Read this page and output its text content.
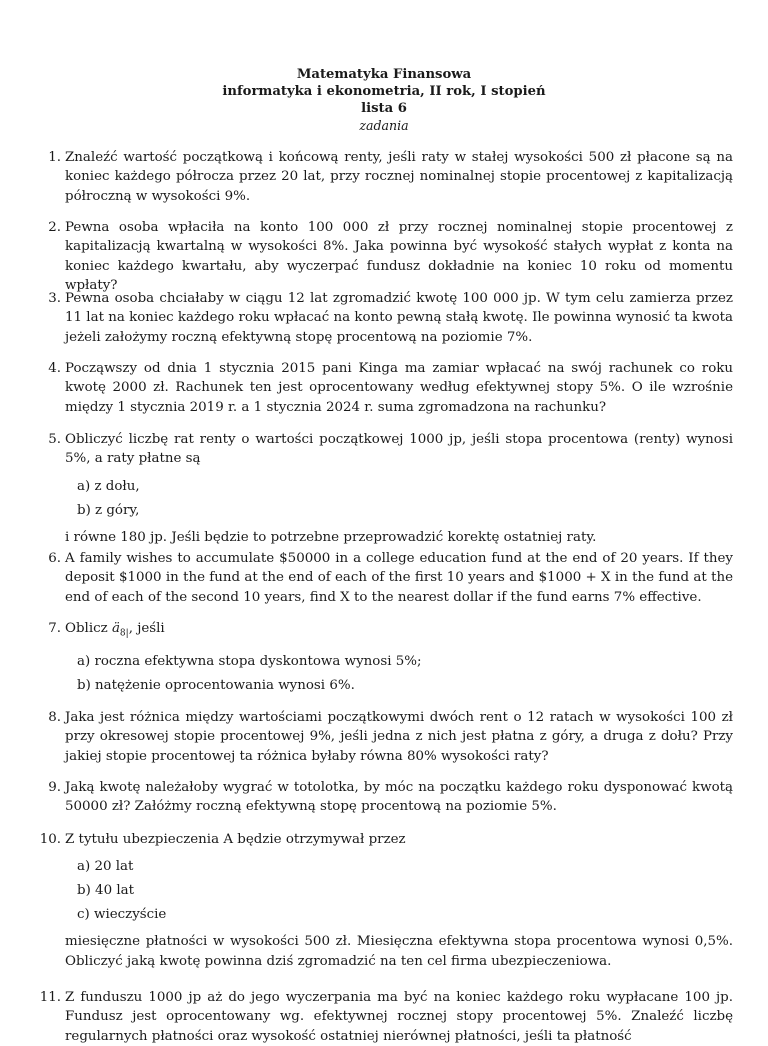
Matematyka Finansowa
informatyka i ekonometria, II rok, I stopień
lista 6
zadania
1. Znaleźć wartość początkową i końcową renty, jeśli raty w stałej wysokości 500 zł płacone są na koniec każdego półrocza przez 20 lat, przy rocznej nominalnej stopie procentowej z kapitalizacją półroczną w wysokości 9%.

2. Pewna osoba wpłaciła na konto 100 000 zł przy rocznej nominalnej stopie procentowej z kapitalizacją kwartalną w wysokości 8%. Jaka powinna być wysokość stałych wypłat z konta na koniec każdego kwartału, aby wyczerpać fundusz dokładnie na koniec 10 roku od momentu wpłaty?

3. Pewna osoba chciałaby w ciągu 12 lat zgromadzić kwotę 100 000 jp. W tym celu zamierza przez 11 lat na koniec każdego roku wpłacać na konto pewną stałą kwotę. Ile powinna wynosić ta kwota jeżeli założymy roczną efektywną stopę procentową na poziomie 7%.

4. Począwszy od dnia 1 stycznia 2015 pani Kinga ma zamiar wpłacać na swój rachunek co roku kwotę 2000 zł. Rachunek ten jest oprocentowany według efektywnej stopy 5%. O ile wzrośnie między 1 stycznia 2019 r. a 1 stycznia 2024 r. suma zgromadzona na rachunku?

5. Obliczyć liczbę rat renty o wartości początkowej 1000 jp, jeśli stopa procentowa (renty) wynosi 5%, a raty płatne są

a) z dołu,
b) z góry,

i równe 180 jp. Jeśli będzie to potrzebne przeprowadzić korektę ostatniej raty.

6. A family wishes to accumulate $50000 in a college education fund at the end of 20 years. If they deposit $1000 in the fund at the end of each of the first 10 years and $1000 + X in the fund at the end of each of the second 10 years, find X to the nearest dollar if the fund earns 7% effective.

7. Oblicz $ä_{8|}$, jeśli

a) roczna efektywna stopa dyskontowa wynosi 5%;
b) natężenie oprocentowania wynosi 6%.
8. Jaka jest różnica między wartościami początkowymi dwóch rent o 12 ratach w wysokości 100 zł przy okresowej stopie procentowej 9%, jeśli jedna z nich jest płatna z góry, a druga z dołu? Przy jakiej stopie procentowej ta różnica byłaby równa 80% wysokości raty?

9. Jaką kwotę należałoby wygrać w totolotka, by móc na początku każdego roku dysponować kwotą 50000 zł? Załóżmy roczną efektywną stopę procentową na poziomie 5%.

10. Z tytułu ubezpieczenia A będzie otrzymywał przez

a) 20 lat
b) 40 lat
c) wieczyście

miesięczne płatności w wysokości 500 zł. Miesięczna efektywna stopa procentowa wynosi 0,5%. Obliczyć jaką kwotę powinna dziś zgromadzić na ten cel firma ubezpieczeniowa.

11. Z funduszu 1000 jp aż do jego wyczerpania ma być na koniec każdego roku wypłacane 100 jp. Fundusz jest oprocentowany wg. efektywnej rocznej stopy procentowej 5%. Znaleźć liczbę regularnych płatności oraz wysokość ostatniej nierównej płatności, jeśli ta płatność
